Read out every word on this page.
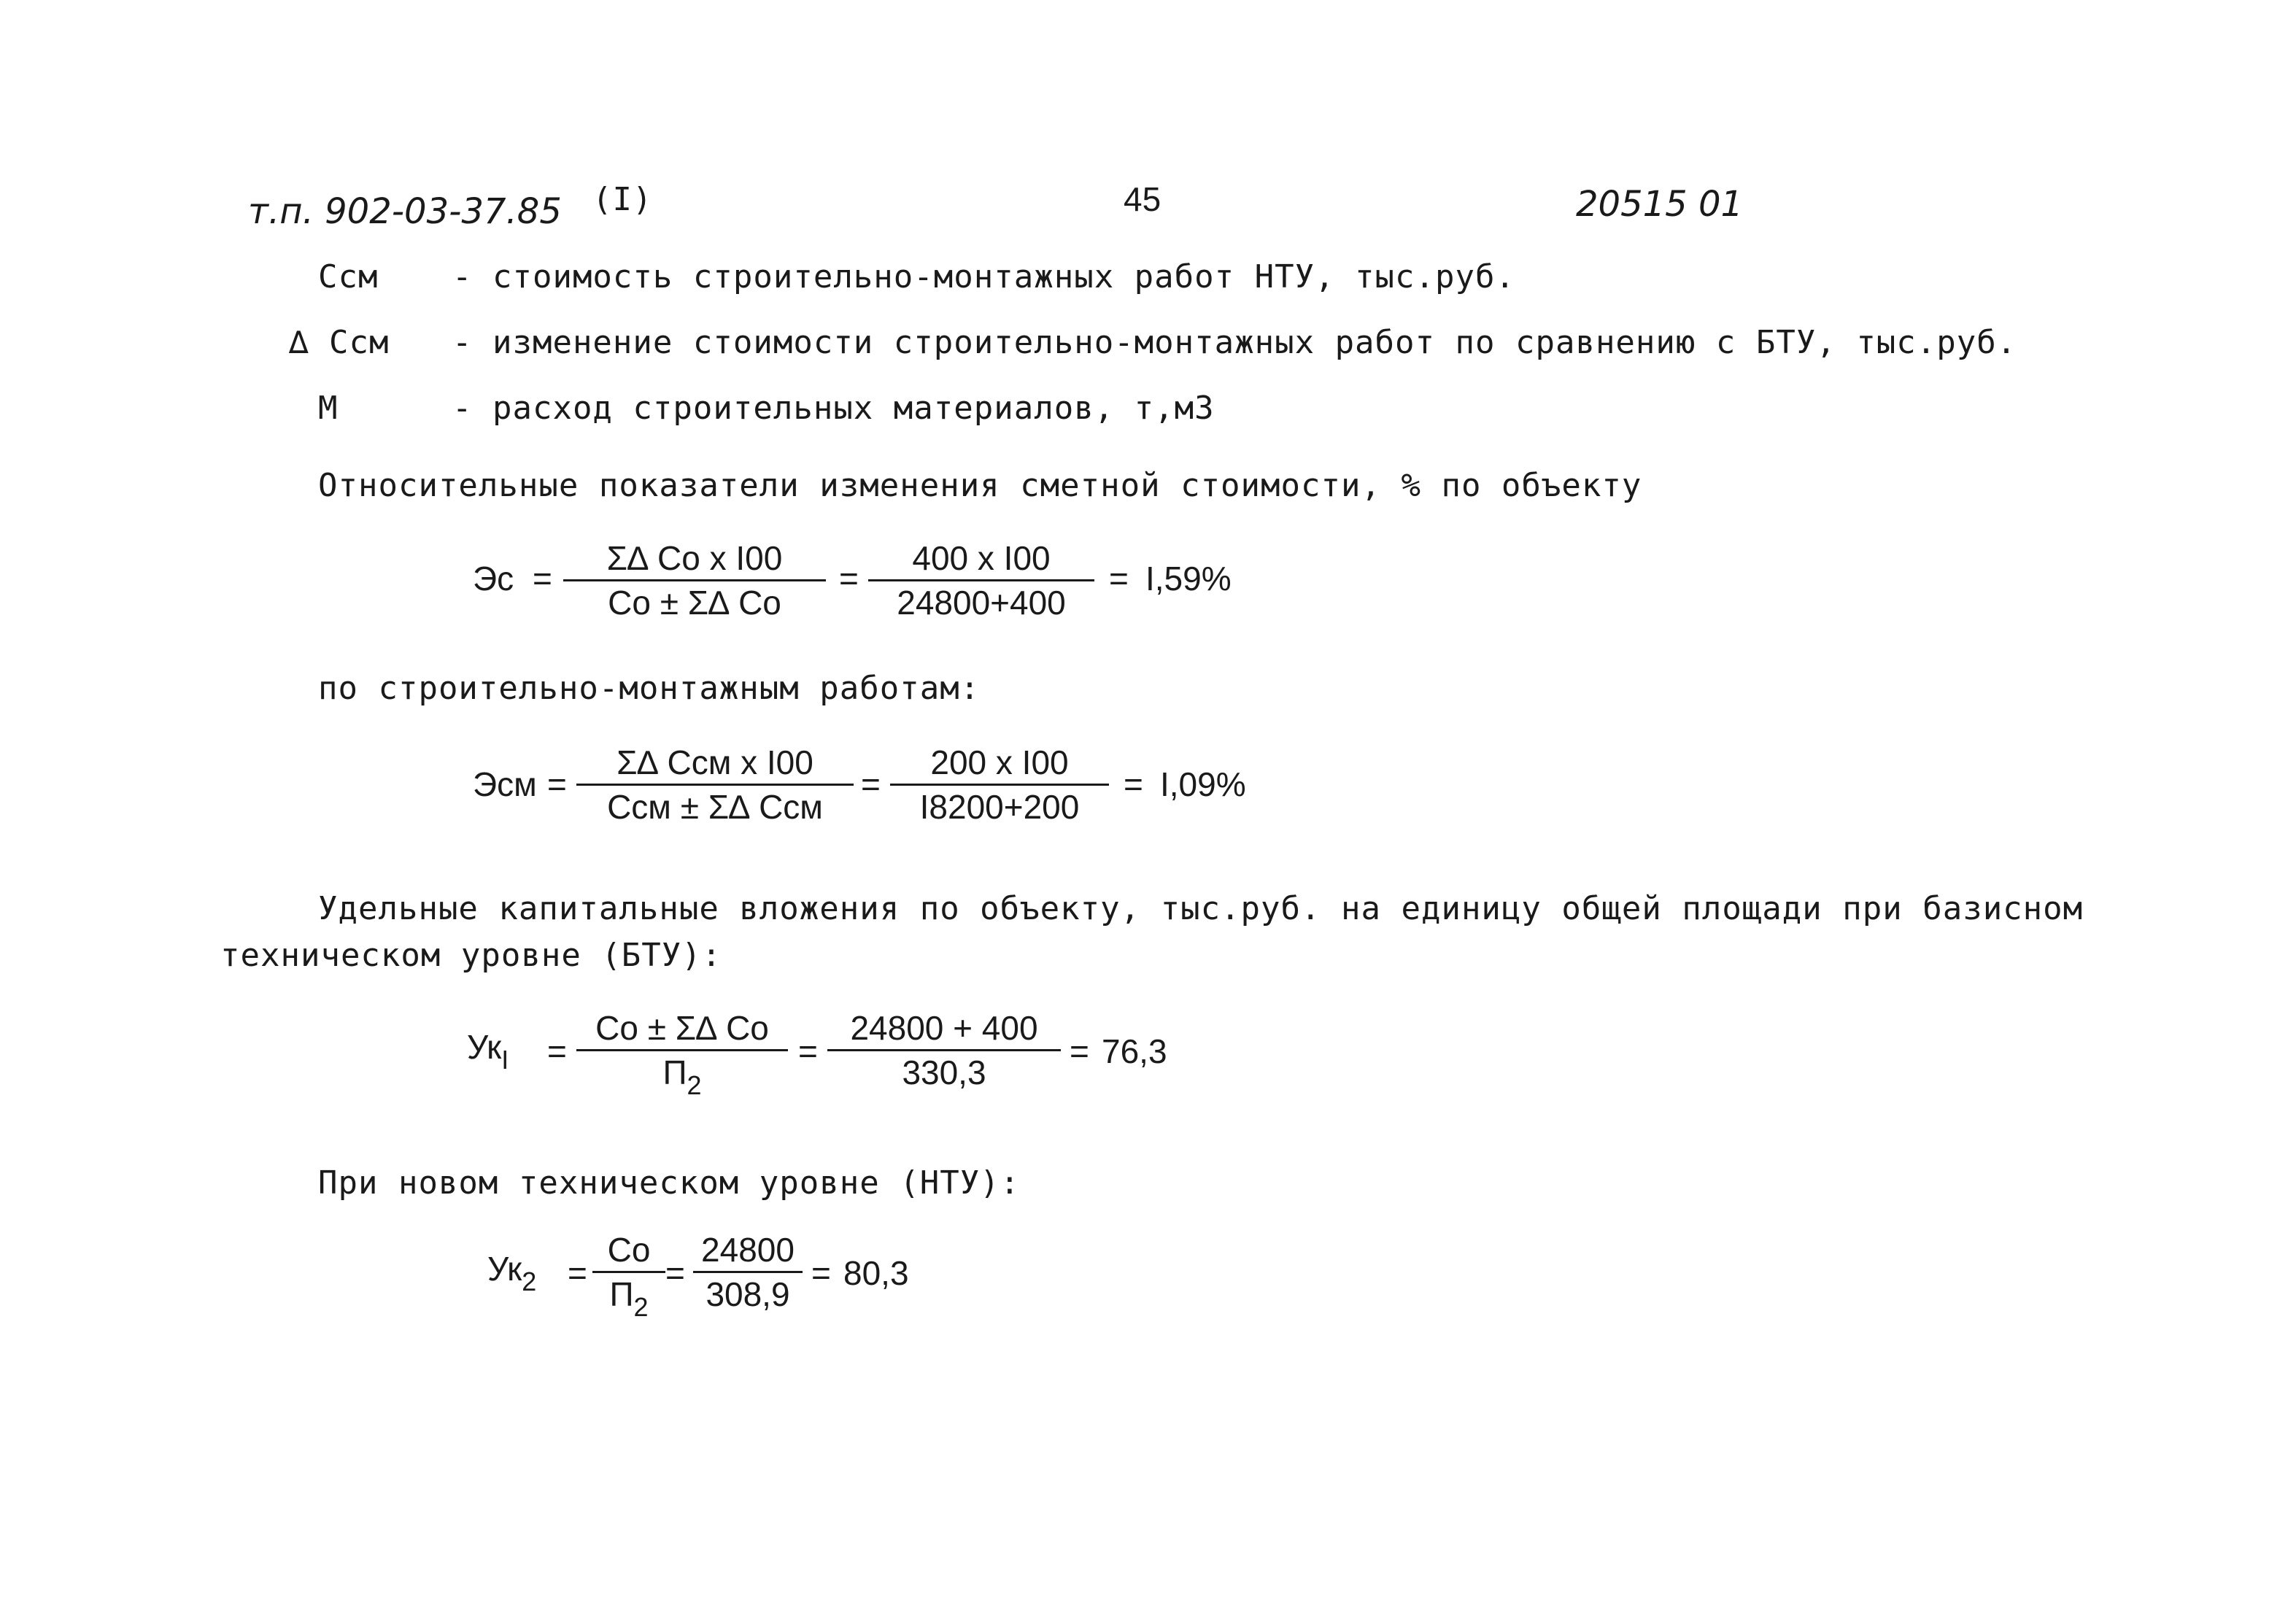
т.п. 902-03-37.85 (I)	45	20515 01
Ссм - стоимость строительно-монтажных работ НТУ, тыс.руб.
∆ Ссм - изменение стоимости строительно-монтажных работ по сравнению с БТУ, тыс.руб.
М	- расход строительных материалов, т,м3
Относительные показатели изменения сметной стоимости, % по объекту
Эс =
Σ∆ Со х I00
Со ± Σ∆ Со
=
400 х I00
24800+400
= I,59%
по строительно-монтажным работам:
Эсм =
Σ∆ Ссм х I00
Ссм ± Σ∆ Ссм
=
200 х I00
I8200+200
= I,09%
Удельные капитальные вложения по объекту, тыс.руб. на единицу общей площади при базисном
техническом уровне (БТУ):
$Ук_I$ =
Со ± Σ∆ Со
$П_2$
=
24800 + 400
330,3
= 76,3
При новом техническом уровне (НТУ):
$Ук_2$ =
Со
$П_2$
=
24800
308,9
= 80,3
